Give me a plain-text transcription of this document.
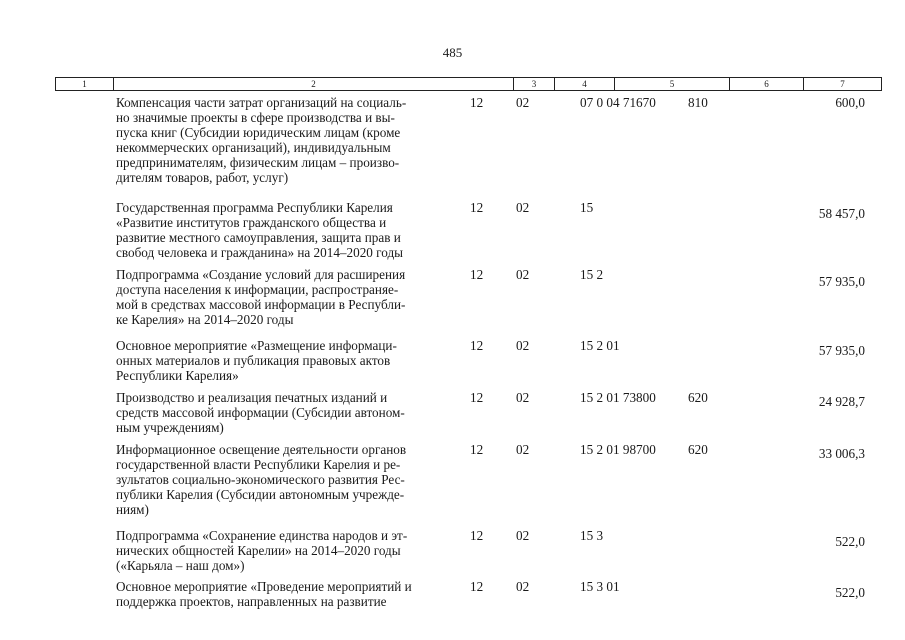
485
1	2	3	4	5	6	7
Компенсация части затрат организаций на социаль-
но значимые проекты в сфере производства и вы-
пуска книг (Субсидии юридическим лицам (кроме
некоммерческих организаций), индивидуальным
предпринимателям, физическим лицам – произво-
дителям товаров, работ, услуг)
12 02	07 0 04 71670 810	600,0
Государственная программа Республики Карелия
«Развитие институтов гражданского общества и
развитие местного самоуправления, защита прав и
свобод человека и гражданина» на 2014–2020 годы
12 02	15	58 457,0
Подпрограмма «Создание условий для расширения
доступа населения к информации, распространяе-
мой в средствах массовой информации в Республи-
ке Карелия» на 2014–2020 годы
12 02	15 2	57 935,0
Основное мероприятие «Размещение информаци-
онных материалов и публикация правовых актов
Республики Карелия»
12 02	15 2 01	57 935,0
Производство и реализация печатных изданий и
средств массовой информации (Субсидии автоном-
ным учреждениям)
12 02	15 2 01 73800 620	24 928,7
Информационное освещение деятельности органов
государственной власти Республики Карелия и ре-
зультатов социально-экономического развития Рес-
публики Карелия (Субсидии автономным учрежде-
ниям)
12 02	15 2 01 98700 620	33 006,3
Подпрограмма «Сохранение единства народов и эт-
нических общностей Карелии» на 2014–2020 годы
(«Карьяла – наш дом»)
12 02	15 3	522,0
Основное мероприятие «Проведение мероприятий и
поддержка проектов, направленных на развитие
12 02	15 3 01	522,0
